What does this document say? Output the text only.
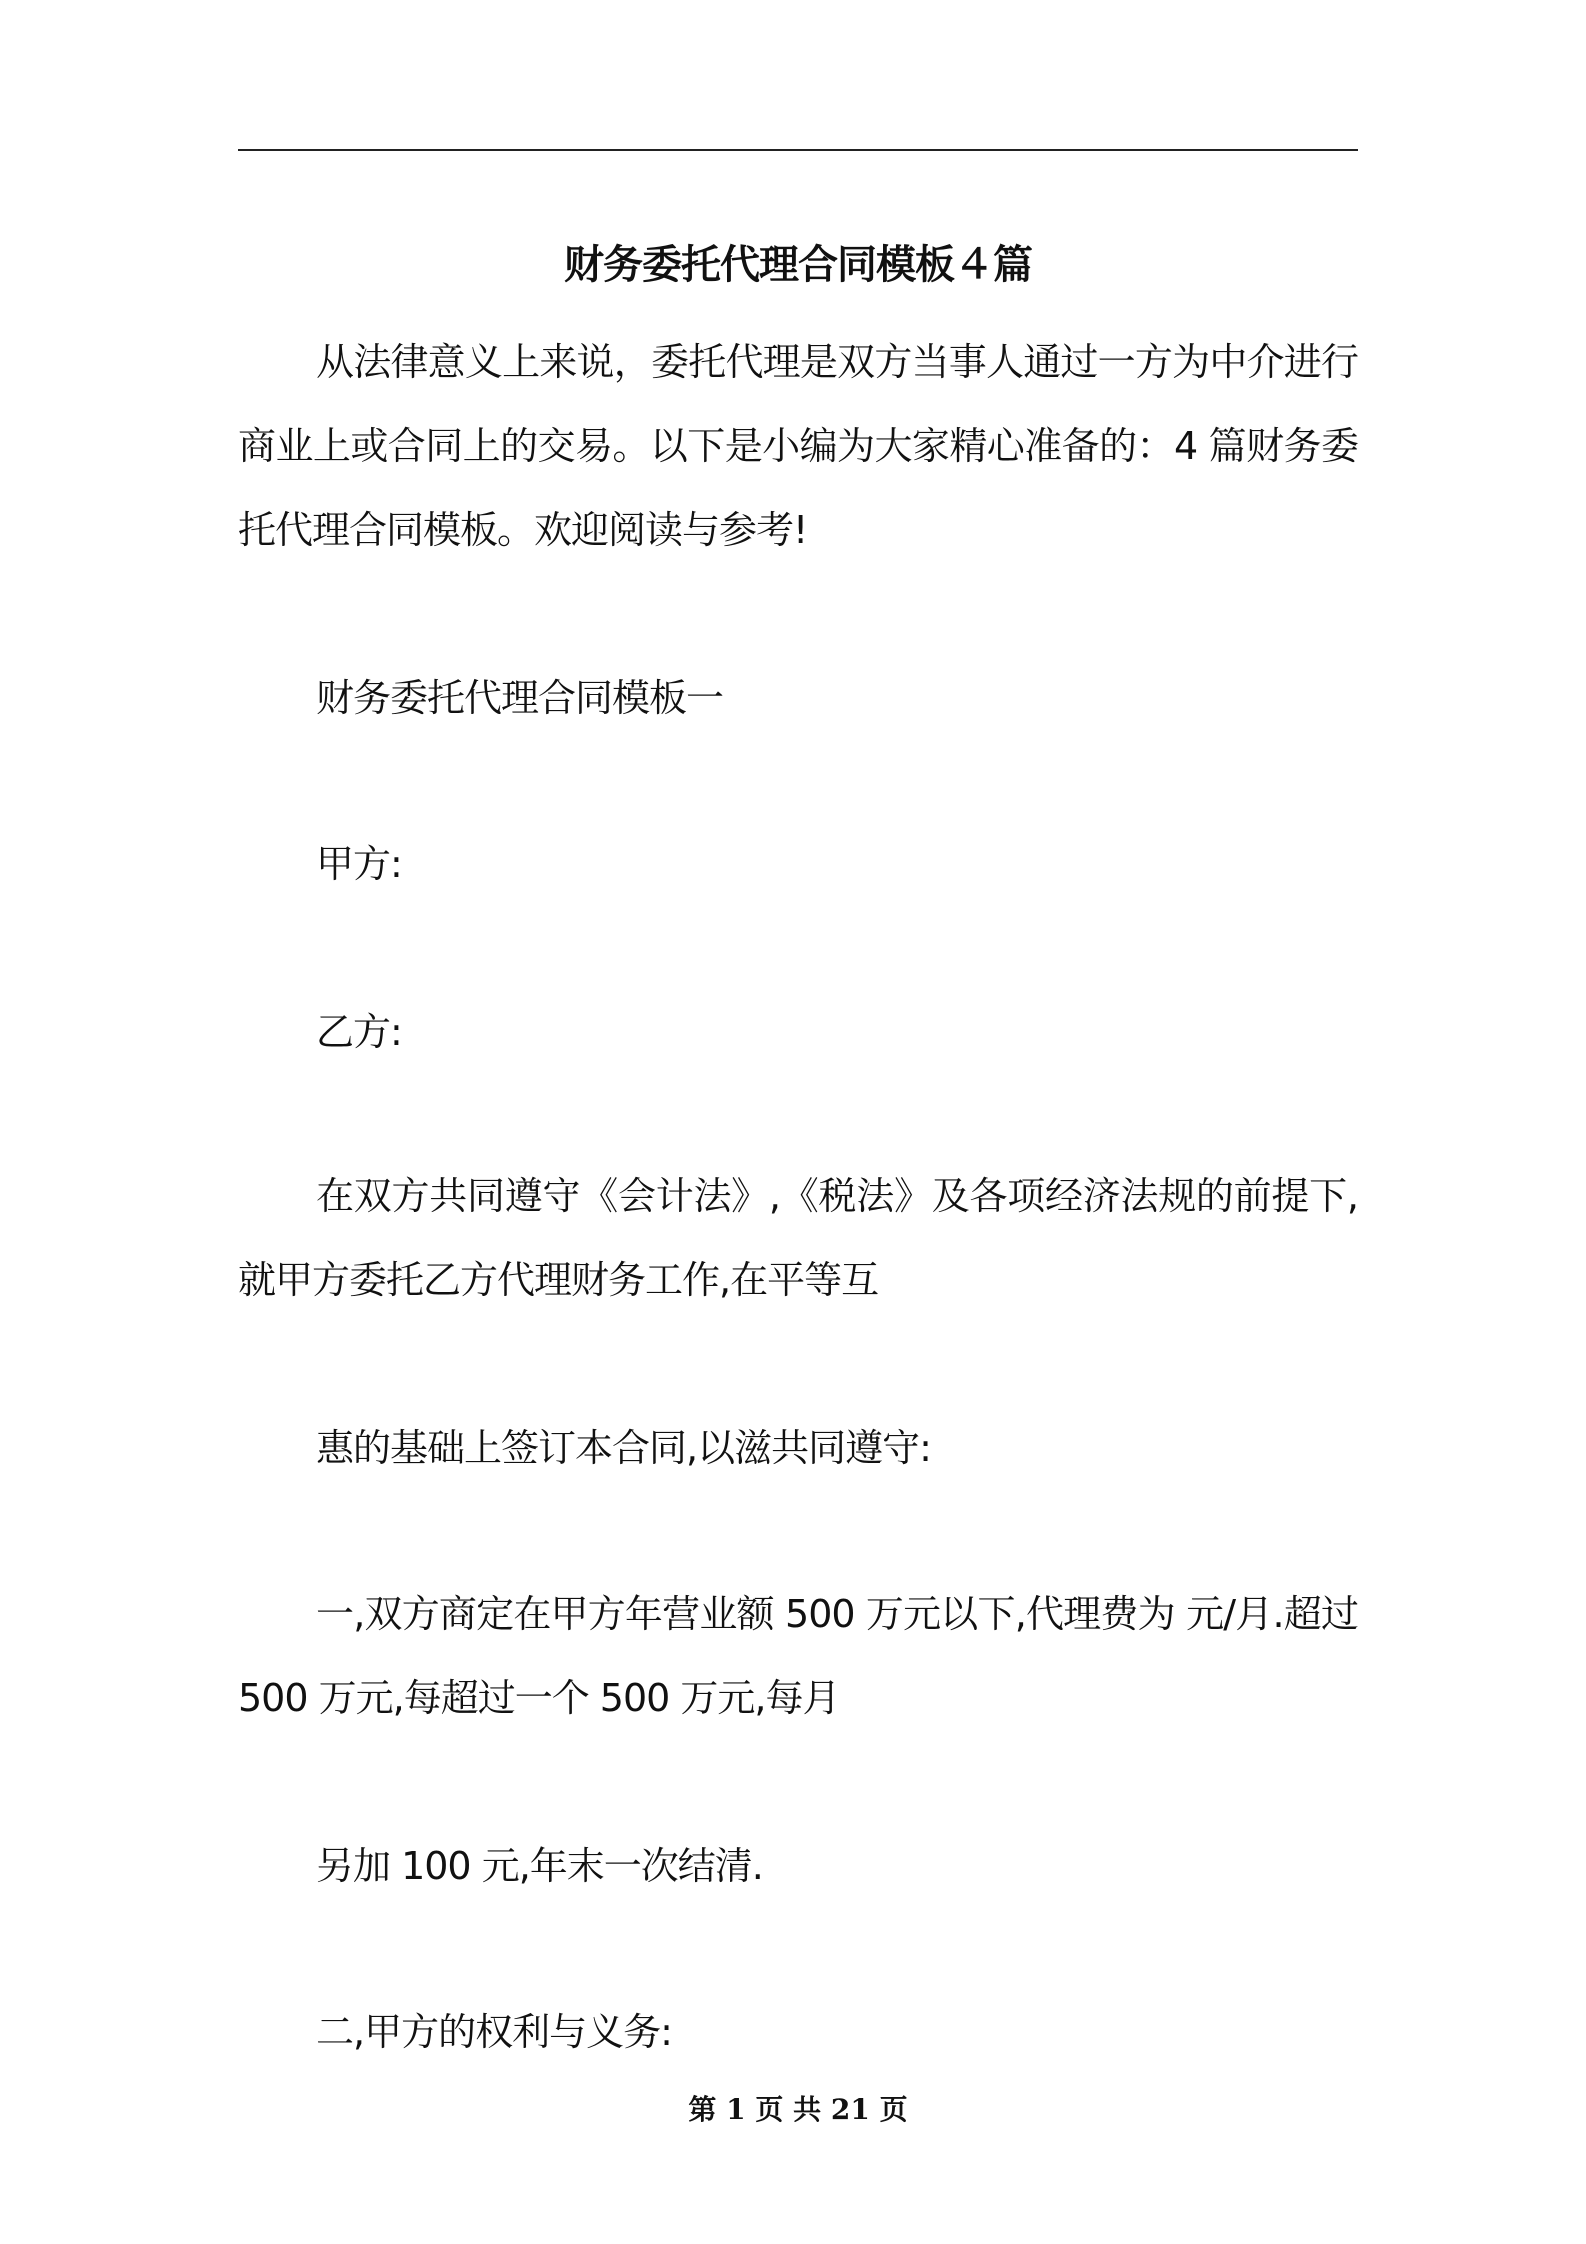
财务委托代理合同模板４篇

从法律意义上来说，委托代理是双方当事人通过一方为中介进行商业上或合同上的交易。以下是小编为大家精心准备的：4 篇财务委托代理合同模板。欢迎阅读与参考!

财务委托代理合同模板一

甲方:

乙方:

在双方共同遵守《会计法》,《税法》及各项经济法规的前提下,就甲方委托乙方代理财务工作,在平等互

惠的基础上签订本合同,以滋共同遵守:

一,双方商定在甲方年营业额 500 万元以下,代理费为 元/月.超过 500 万元,每超过一个 500 万元,每月

另加 100 元,年末一次结清.

二,甲方的权利与义务:

第 1 页 共 21 页
